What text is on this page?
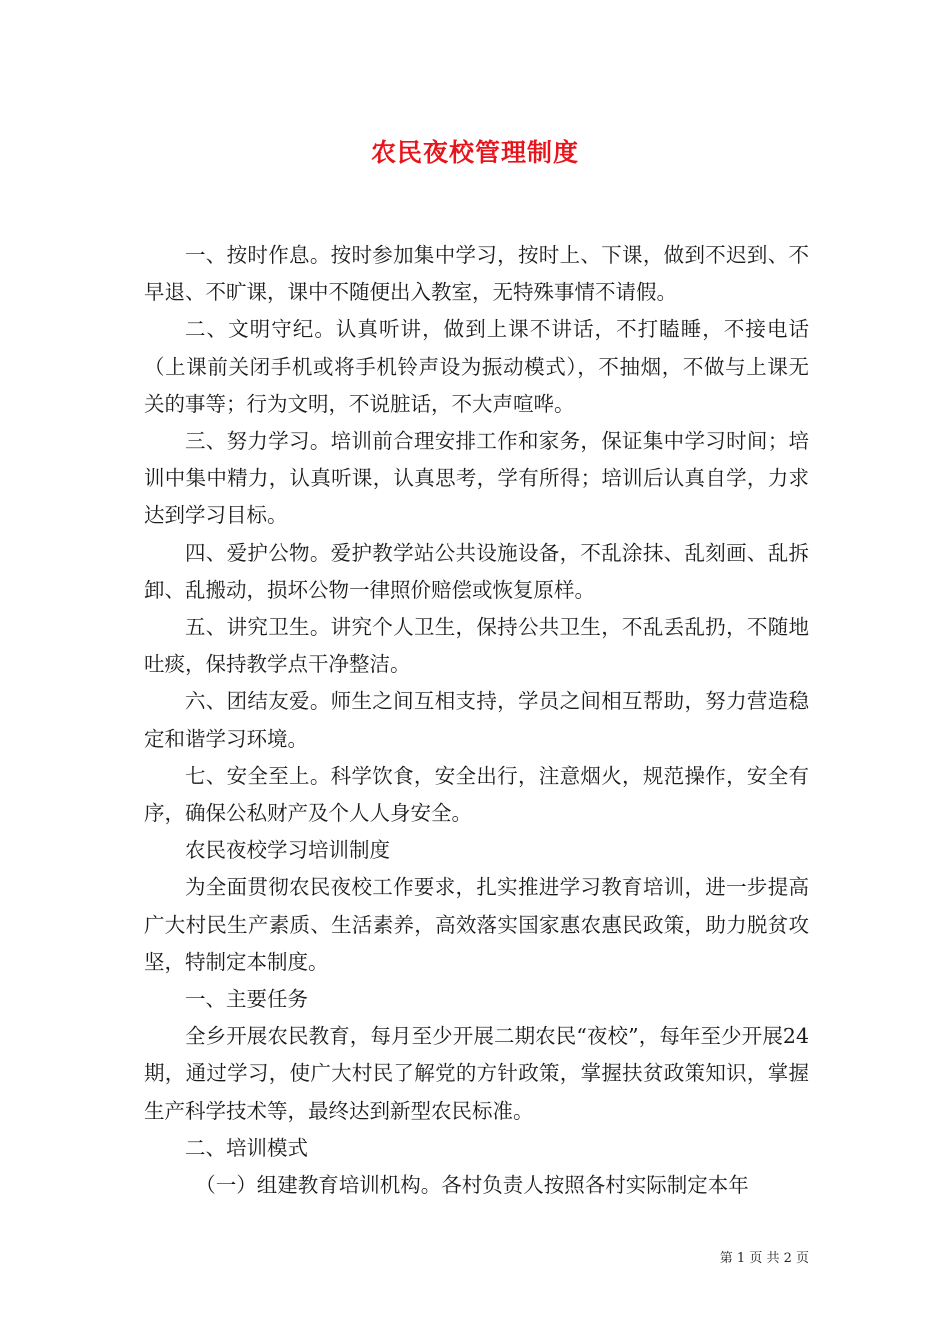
农民夜校管理制度

一、按时作息。按时参加集中学习，按时上、下课，做到不迟到、不早退、不旷课，课中不随便出入教室，无特殊事情不请假。

二、文明守纪。认真听讲，做到上课不讲话，不打瞌睡，不接电话（上课前关闭手机或将手机铃声设为振动模式），不抽烟，不做与上课无关的事等；行为文明，不说脏话，不大声喧哗。

三、努力学习。培训前合理安排工作和家务，保证集中学习时间；培训中集中精力，认真听课，认真思考，学有所得；培训后认真自学，力求达到学习目标。

四、爱护公物。爱护教学站公共设施设备，不乱涂抹、乱刻画、乱拆卸、乱搬动，损坏公物一律照价赔偿或恢复原样。

五、讲究卫生。讲究个人卫生，保持公共卫生，不乱丢乱扔，不随地吐痰，保持教学点干净整洁。

六、团结友爱。师生之间互相支持，学员之间相互帮助，努力营造稳定和谐学习环境。

七、安全至上。科学饮食，安全出行，注意烟火，规范操作，安全有序，确保公私财产及个人人身安全。

农民夜校学习培训制度

为全面贯彻农民夜校工作要求，扎实推进学习教育培训，进一步提高广大村民生产素质、生活素养，高效落实国家惠农惠民政策，助力脱贫攻坚，特制定本制度。

一、主要任务

全乡开展农民教育，每月至少开展二期农民“夜校”，每年至少开展24期，通过学习，使广大村民了解党的方针政策，掌握扶贫政策知识，掌握生产科学技术等，最终达到新型农民标准。

二、培训模式

（一）组建教育培训机构。各村负责人按照各村实际制定本年

第 1 页 共 2 页
